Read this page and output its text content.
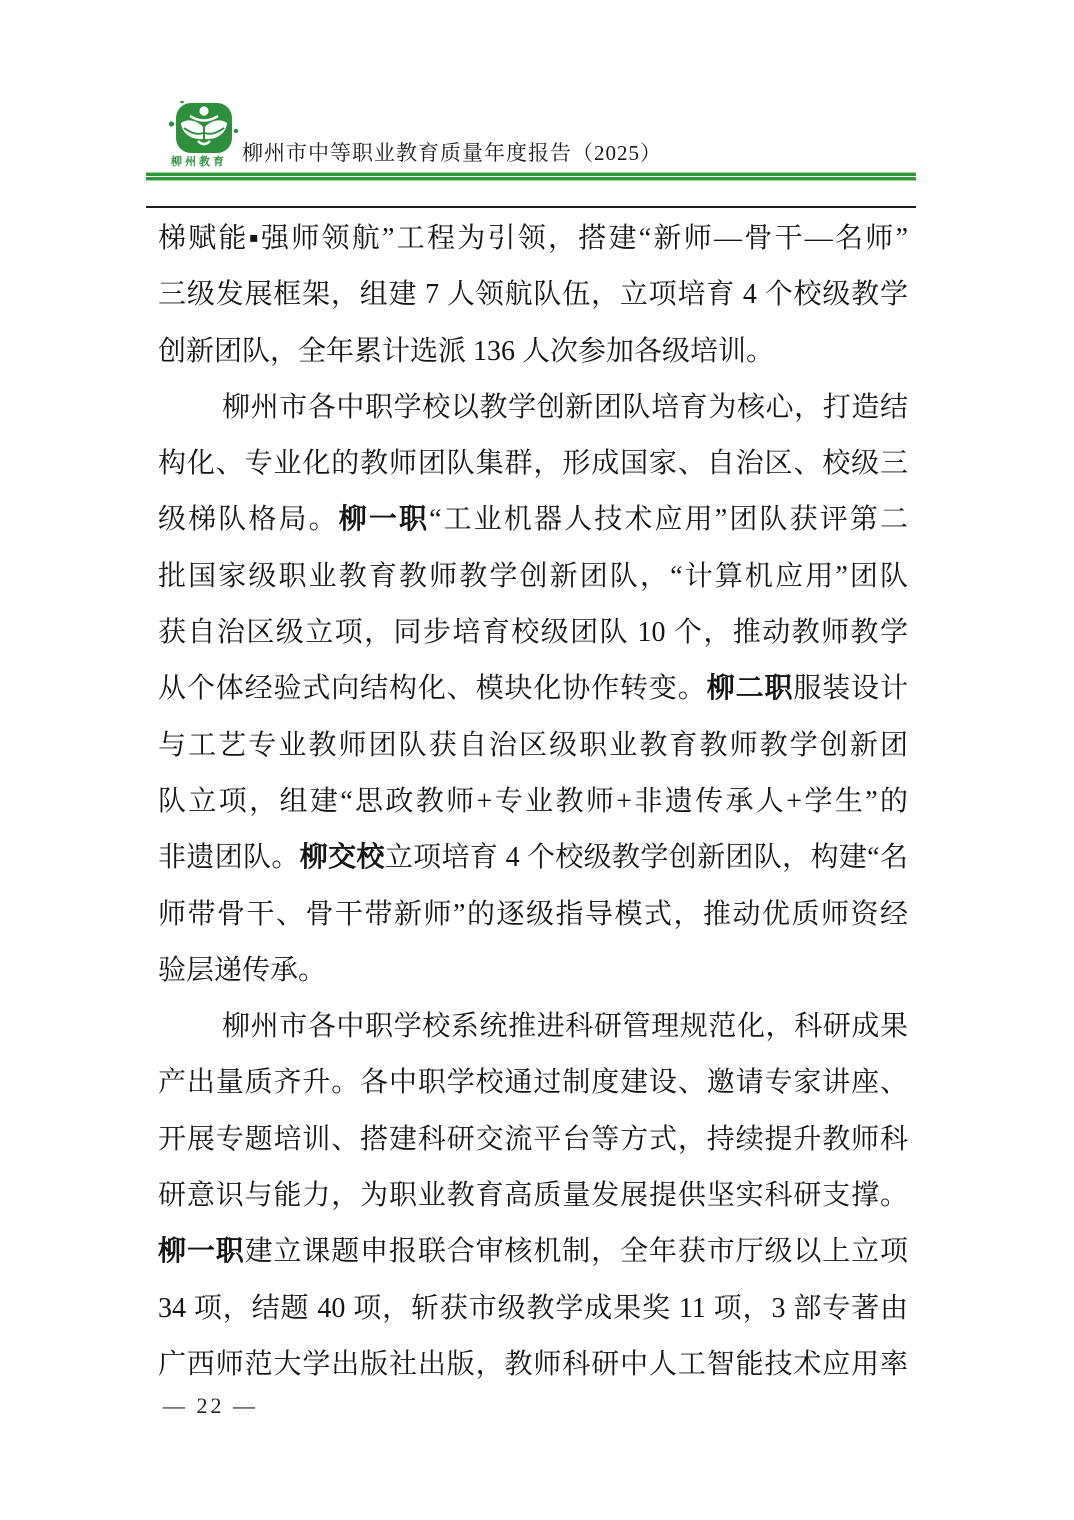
柳州教育 柳州市中等职业教育质量年度报告（2025）
梯赋能▪强师领航”工程为引领，搭建“新师—骨干—名师”
三级发展框架，组建 7 人领航队伍，立项培育 4 个校级教学
创新团队，全年累计选派 136 人次参加各级培训。
柳州市各中职学校以教学创新团队培育为核心，打造结
构化、专业化的教师团队集群，形成国家、自治区、校级三
级梯队格局。柳一职“工业机器人技术应用”团队获评第二
批国家级职业教育教师教学创新团队，“计算机应用”团队
获自治区级立项，同步培育校级团队 10 个，推动教师教学
从个体经验式向结构化、模块化协作转变。柳二职服装设计
与工艺专业教师团队获自治区级职业教育教师教学创新团
队立项，组建“思政教师+专业教师+非遗传承人+学生”的
非遗团队。柳交校立项培育 4 个校级教学创新团队，构建“名
师带骨干、骨干带新师”的逐级指导模式，推动优质师资经
验层递传承。
柳州市各中职学校系统推进科研管理规范化，科研成果
产出量质齐升。各中职学校通过制度建设、邀请专家讲座、
开展专题培训、搭建科研交流平台等方式，持续提升教师科
研意识与能力，为职业教育高质量发展提供坚实科研支撑。
柳一职建立课题申报联合审核机制，全年获市厅级以上立项
34 项，结题 40 项，斩获市级教学成果奖 11 项，3 部专著由
广西师范大学出版社出版，教师科研中人工智能技术应用率
— 22 —
